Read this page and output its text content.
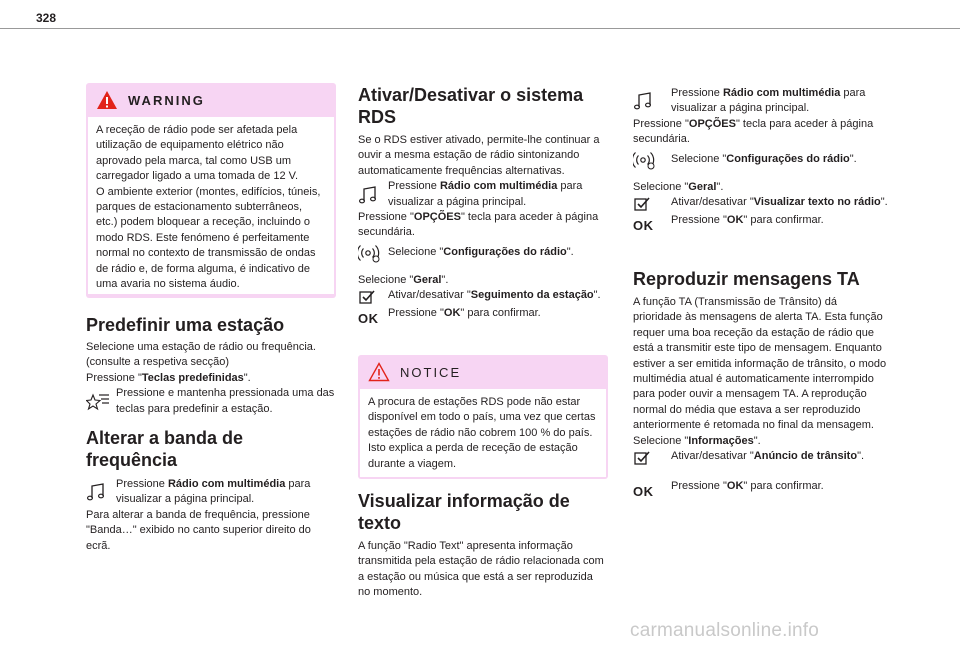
328
WARNING

A receção de rádio pode ser afetada pela utilização de equipamento elétrico não aprovado pela marca, tal como USB um carregador ligado a uma tomada de 12 V.

O ambiente exterior (montes, edifícios, túneis, parques de estacionamento subterrâneos, etc.) podem bloquear a receção, incluindo o modo RDS. Este fenómeno é perfeitamente normal no contexto de transmissão de ondas de rádio e, de forma alguma, é indicativo de uma avaria no sistema áudio.

Predefinir uma estação

Selecione uma estação de rádio ou frequência. (consulte a respetiva secção)

Pressione "Teclas predefinidas".

Pressione e mantenha pressionada uma das teclas para predefinir a estação.

Alterar a banda de

frequência

Pressione Rádio com multimédia para visualizar a página principal.

Para alterar a banda de frequência, pressione "Banda…" exibido no canto superior direito do ecrã.

Ativar/Desativar o sistema

RDS

Se o RDS estiver ativado, permite-lhe continuar a ouvir a mesma estação de rádio sintonizando automaticamente frequências alternativas.

Pressione Rádio com multimédia para visualizar a página principal.

Pressione "OPÇÕES" tecla para aceder à página secundária.

Selecione "Configurações do rádio".

Selecione "Geral".

Ativar/desativar "Seguimento da estação".

OK Pressione "OK" para confirmar.

NOTICE

A procura de estações RDS pode não estar disponível em todo o país, uma vez que certas estações de rádio não cobrem 100 % do país. Isto explica a perda de receção de estação durante a viagem.

Visualizar informação de

texto

A função "Radio Text" apresenta informação transmitida pela estação de rádio relacionada com a estação ou música que está a ser reproduzida no momento.

Pressione Rádio com multimédia para visualizar a página principal.

Pressione "OPÇÕES" tecla para aceder à página secundária.

Selecione "Configurações do rádio".

Selecione "Geral".

Ativar/desativar "Visualizar texto no rádio".

OK Pressione "OK" para confirmar.

Reproduzir mensagens TA

A função TA (Transmissão de Trânsito) dá prioridade às mensagens de alerta TA. Esta função requer uma boa receção da estação de rádio que está a transmitir este tipo de mensagem. Enquanto estiver a ser emitida informação de trânsito, o modo multimédia atual é automaticamente interrompido para poder ouvir a mensagem TA. A reprodução normal do média que estava a ser reproduzido anteriormente é retomada no final da mensagem.

Selecione "Informações".

Ativar/desativar "Anúncio de trânsito".

OK Pressione "OK" para confirmar.

carmanualsonline.info
